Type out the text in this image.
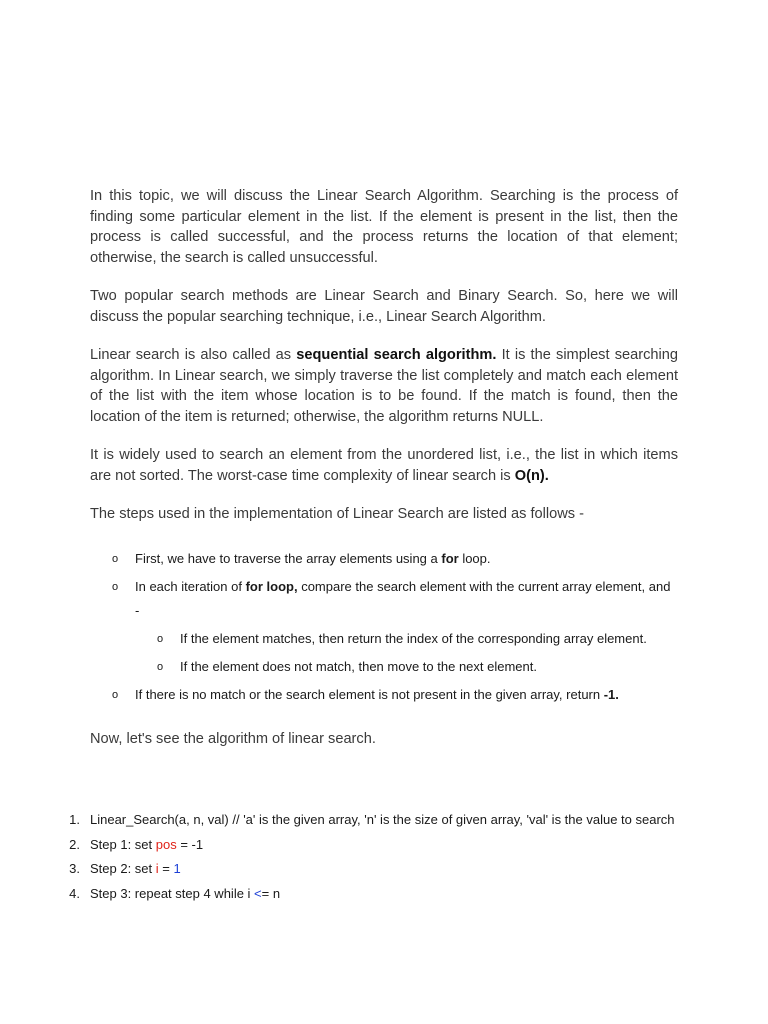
In this topic, we will discuss the Linear Search Algorithm. Searching is the process of finding some particular element in the list. If the element is present in the list, then the process is called successful, and the process returns the location of that element; otherwise, the search is called unsuccessful.

Two popular search methods are Linear Search and Binary Search. So, here we will discuss the popular searching technique, i.e., Linear Search Algorithm.

Linear search is also called as sequential search algorithm. It is the simplest searching algorithm. In Linear search, we simply traverse the list completely and match each element of the list with the item whose location is to be found. If the match is found, then the location of the item is returned; otherwise, the algorithm returns NULL.

It is widely used to search an element from the unordered list, i.e., the list in which items are not sorted. The worst-case time complexity of linear search is O(n).

The steps used in the implementation of Linear Search are listed as follows -

o First, we have to traverse the array elements using a for loop.
o In each iteration of for loop, compare the search element with the current array element, and -
o If the element matches, then return the index of the corresponding array element.
o If the element does not match, then move to the next element.
o If there is no match or the search element is not present in the given array, return -1.

Now, let's see the algorithm of linear search.

1. Linear_Search(a, n, val) // 'a' is the given array, 'n' is the size of given array, 'val' is the value to search
2. Step 1: set pos = -1
3. Step 2: set i = 1
4. Step 3: repeat step 4 while i <= n
